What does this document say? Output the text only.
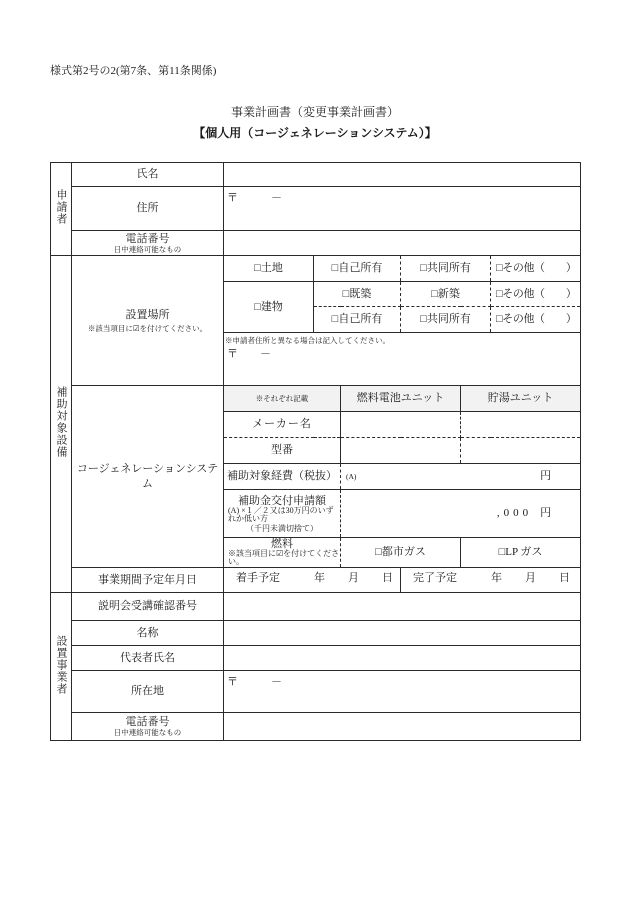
様式第2号の2(第7条、第11条関係)
事業計画書（変更事業計画書）
【個人用（コージェネレーションシステム）】
申請者	氏名						
	住所	〒　　　－					

	電話番号
日中連絡可能なもの						

補助対象設備	設置場所
※該当項目に☑を付けてください。	□土地	□自己所有		□共同所有		□その他（　　）
		□建物	□既築		□新築		□その他（　　）
			□自己所有		□共同所有		□その他（　　）

		※申請者住所と異なる場合は記入してください。
〒　　－					

	コージェネレーションシステム	※それぞれ記載		燃料電池ユニット		貯湯ユニット	
		メーカー名					
		型番					
		補助対象経費（税抜）		(A) 円			

		補助金交付申請額
(A) ×１／２又は30万円のいずれか低い方
（千円未満切捨て）		,000 円			

		燃料
※該当項目に☑を付けてください。		□都市ガス		□LP ガス	
	事業期間予定年月日	着手予定 年 月 日			完了予定 年 月 日		
設置事業者	説明会受講確認番号						
	名称						
	代表者氏名						
	所在地	〒　　　－					

	電話番号
日中連絡可能なもの						
